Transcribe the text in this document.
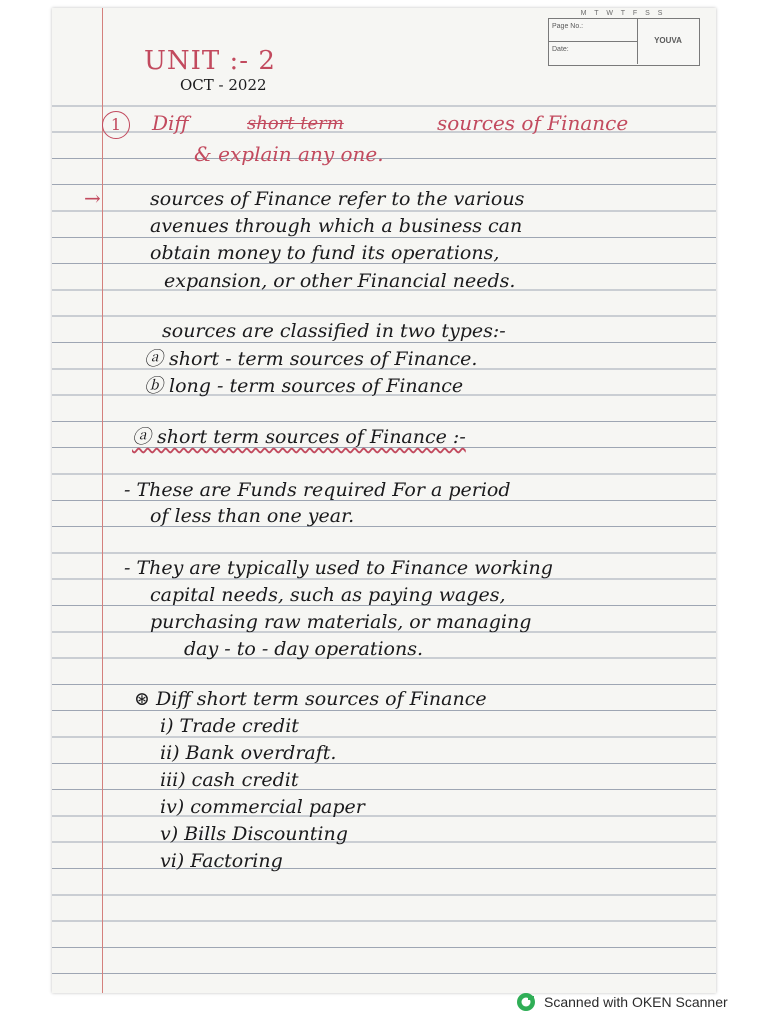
M T W T F S S
Page No.:
Date:
YOUVA

UNIT :- 2

OCT - 2022

1	Diff	short term	sources of Finance

& explain any one.

→	sources of Finance refer to the various

avenues through which a business can

obtain money to fund its operations,

expansion, or other Financial needs.

sources are classified in two types:-

ⓐ short - term sources of Finance.

ⓑ long - term sources of Finance

ⓐ short term sources of Finance :-

- These are Funds required For a period

of less than one year.

- They are typically used to Finance working

capital needs, such as paying wages,

purchasing raw materials, or managing

day - to - day operations.

⊛ Diff short term sources of Finance

i) Trade credit

ii) Bank overdraft.

iii) cash credit

iv) commercial paper

v) Bills Discounting

vi) Factoring

Scanned with OKEN Scanner
